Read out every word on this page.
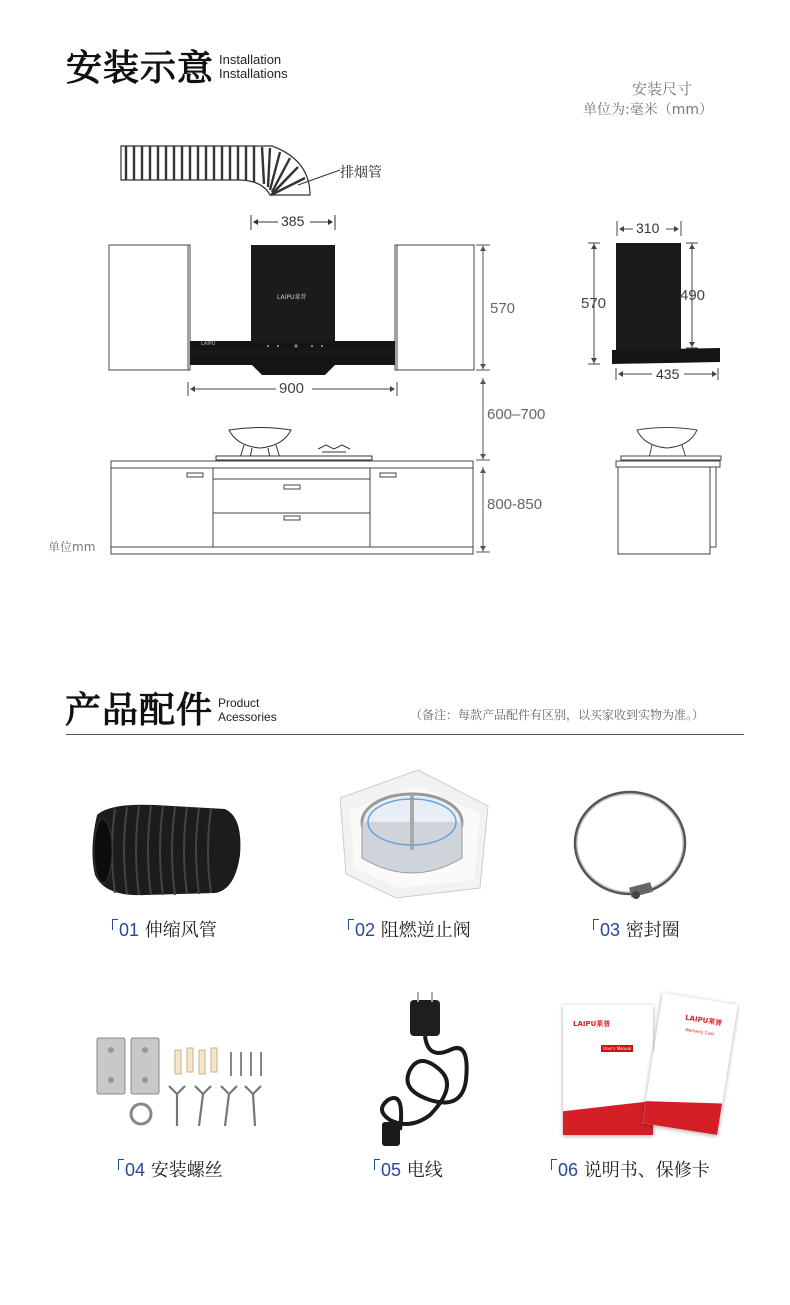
安装示意 Installation
Installations
安装尺寸
单位为:毫米（mm）
排烟管
385
LAIPU莱普
LAIPU
570
900
600–700
800-850
310
570	490
435
单位mm
产品配件 Product
Acessories	（备注：每款产品配件有区别，以买家收到实物为准。）
01 伸缩风管	02 阻燃逆止阀	03 密封圈
04 安装螺丝	05 电线
LAIPU莱普
User's Manual
LAIPU莱普
Warranty Card
06 说明书、保修卡
